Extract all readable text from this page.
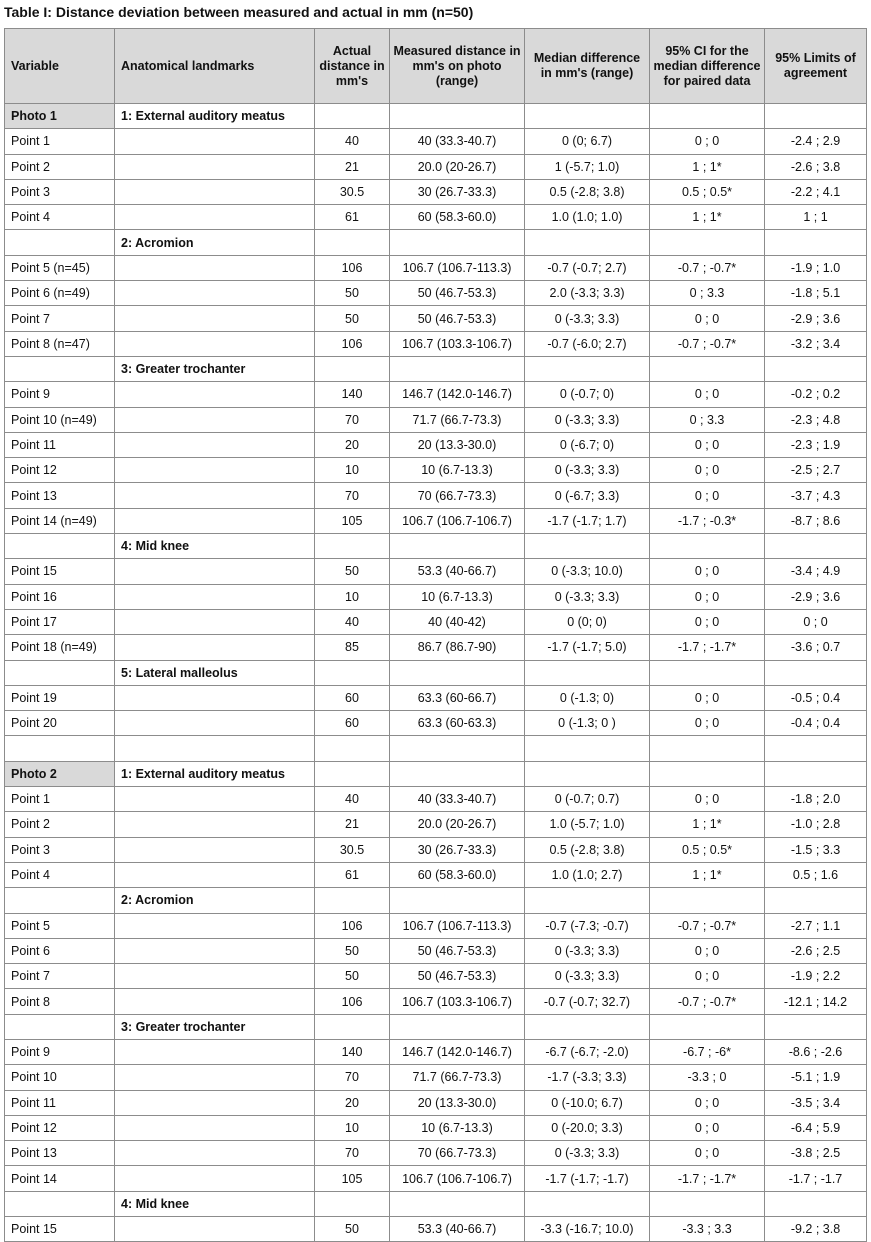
Table I: Distance deviation between measured and actual in mm (n=50)
Variable	Anatomical landmarks	Actual distance in mm's	Measured distance in mm's on photo (range)	Median difference in mm's (range)	95% CI for the median difference for paired data	95% Limits of agreement
Photo 1	1: External auditory meatus					
Point 1		40	40 (33.3-40.7)	0 (0; 6.7)	0 ; 0	-2.4 ; 2.9
Point 2		21	20.0 (20-26.7)	1 (-5.7; 1.0)	1 ; 1*	-2.6 ; 3.8
Point 3		30.5	30 (26.7-33.3)	0.5 (-2.8; 3.8)	0.5 ; 0.5*	-2.2 ; 4.1
Point 4		61	60 (58.3-60.0)	1.0 (1.0; 1.0)	1 ; 1*	1 ; 1
	2: Acromion					
Point 5 (n=45)		106	106.7 (106.7-113.3)	-0.7 (-0.7; 2.7)	-0.7 ; -0.7*	-1.9 ; 1.0
Point 6 (n=49)		50	50 (46.7-53.3)	2.0 (-3.3; 3.3)	0 ; 3.3	-1.8 ; 5.1
Point 7		50	50 (46.7-53.3)	0 (-3.3; 3.3)	0 ; 0	-2.9 ; 3.6
Point 8 (n=47)		106	106.7 (103.3-106.7)	-0.7 (-6.0; 2.7)	-0.7 ; -0.7*	-3.2 ; 3.4
	3: Greater trochanter					
Point 9		140	146.7 (142.0-146.7)	0 (-0.7; 0)	0 ; 0	-0.2 ; 0.2
Point 10 (n=49)		70	71.7 (66.7-73.3)	0 (-3.3; 3.3)	0 ; 3.3	-2.3 ; 4.8
Point 11		20	20 (13.3-30.0)	0 (-6.7; 0)	0 ; 0	-2.3 ; 1.9
Point 12		10	10 (6.7-13.3)	0 (-3.3; 3.3)	0 ; 0	-2.5 ; 2.7
Point 13		70	70 (66.7-73.3)	0 (-6.7; 3.3)	0 ; 0	-3.7 ; 4.3
Point 14 (n=49)		105	106.7 (106.7-106.7)	-1.7 (-1.7; 1.7)	-1.7 ; -0.3*	-8.7 ; 8.6
	4: Mid knee					
Point 15		50	53.3 (40-66.7)	0 (-3.3; 10.0)	0 ; 0	-3.4 ; 4.9
Point 16		10	10 (6.7-13.3)	0 (-3.3; 3.3)	0 ; 0	-2.9 ; 3.6
Point 17		40	40 (40-42)	0 (0; 0)	0 ; 0	0 ; 0
Point 18 (n=49)		85	86.7 (86.7-90)	-1.7 (-1.7; 5.0)	-1.7 ; -1.7*	-3.6 ; 0.7
	5: Lateral malleolus					
Point 19		60	63.3 (60-66.7)	0 (-1.3; 0)	0 ; 0	-0.5 ; 0.4
Point 20		60	63.3 (60-63.3)	0 (-1.3; 0 )	0 ; 0	-0.4 ; 0.4

Photo 2	1: External auditory meatus					
Point 1		40	40 (33.3-40.7)	0 (-0.7; 0.7)	0 ; 0	-1.8 ; 2.0
Point 2		21	20.0 (20-26.7)	1.0 (-5.7; 1.0)	1 ; 1*	-1.0 ; 2.8
Point 3		30.5	30 (26.7-33.3)	0.5 (-2.8; 3.8)	0.5 ; 0.5*	-1.5 ; 3.3
Point 4		61	60 (58.3-60.0)	1.0 (1.0; 2.7)	1 ; 1*	0.5 ; 1.6
	2: Acromion					
Point 5		106	106.7 (106.7-113.3)	-0.7 (-7.3; -0.7)	-0.7 ; -0.7*	-2.7 ; 1.1
Point 6		50	50 (46.7-53.3)	0 (-3.3; 3.3)	0 ; 0	-2.6 ; 2.5
Point 7		50	50 (46.7-53.3)	0 (-3.3; 3.3)	0 ; 0	-1.9 ; 2.2
Point 8		106	106.7 (103.3-106.7)	-0.7 (-0.7; 32.7)	-0.7 ; -0.7*	-12.1 ; 14.2
	3: Greater trochanter					
Point 9		140	146.7 (142.0-146.7)	-6.7 (-6.7; -2.0)	-6.7 ; -6*	-8.6 ; -2.6
Point 10		70	71.7 (66.7-73.3)	-1.7 (-3.3; 3.3)	-3.3 ; 0	-5.1 ; 1.9
Point 11		20	20 (13.3-30.0)	0 (-10.0; 6.7)	0 ; 0	-3.5 ; 3.4
Point 12		10	10 (6.7-13.3)	0 (-20.0; 3.3)	0 ; 0	-6.4 ; 5.9
Point 13		70	70 (66.7-73.3)	0 (-3.3; 3.3)	0 ; 0	-3.8 ; 2.5
Point 14		105	106.7 (106.7-106.7)	-1.7 (-1.7; -1.7)	-1.7 ; -1.7*	-1.7 ; -1.7
	4: Mid knee					
Point 15		50	53.3 (40-66.7)	-3.3 (-16.7; 10.0)	-3.3 ; 3.3	-9.2 ; 3.8
